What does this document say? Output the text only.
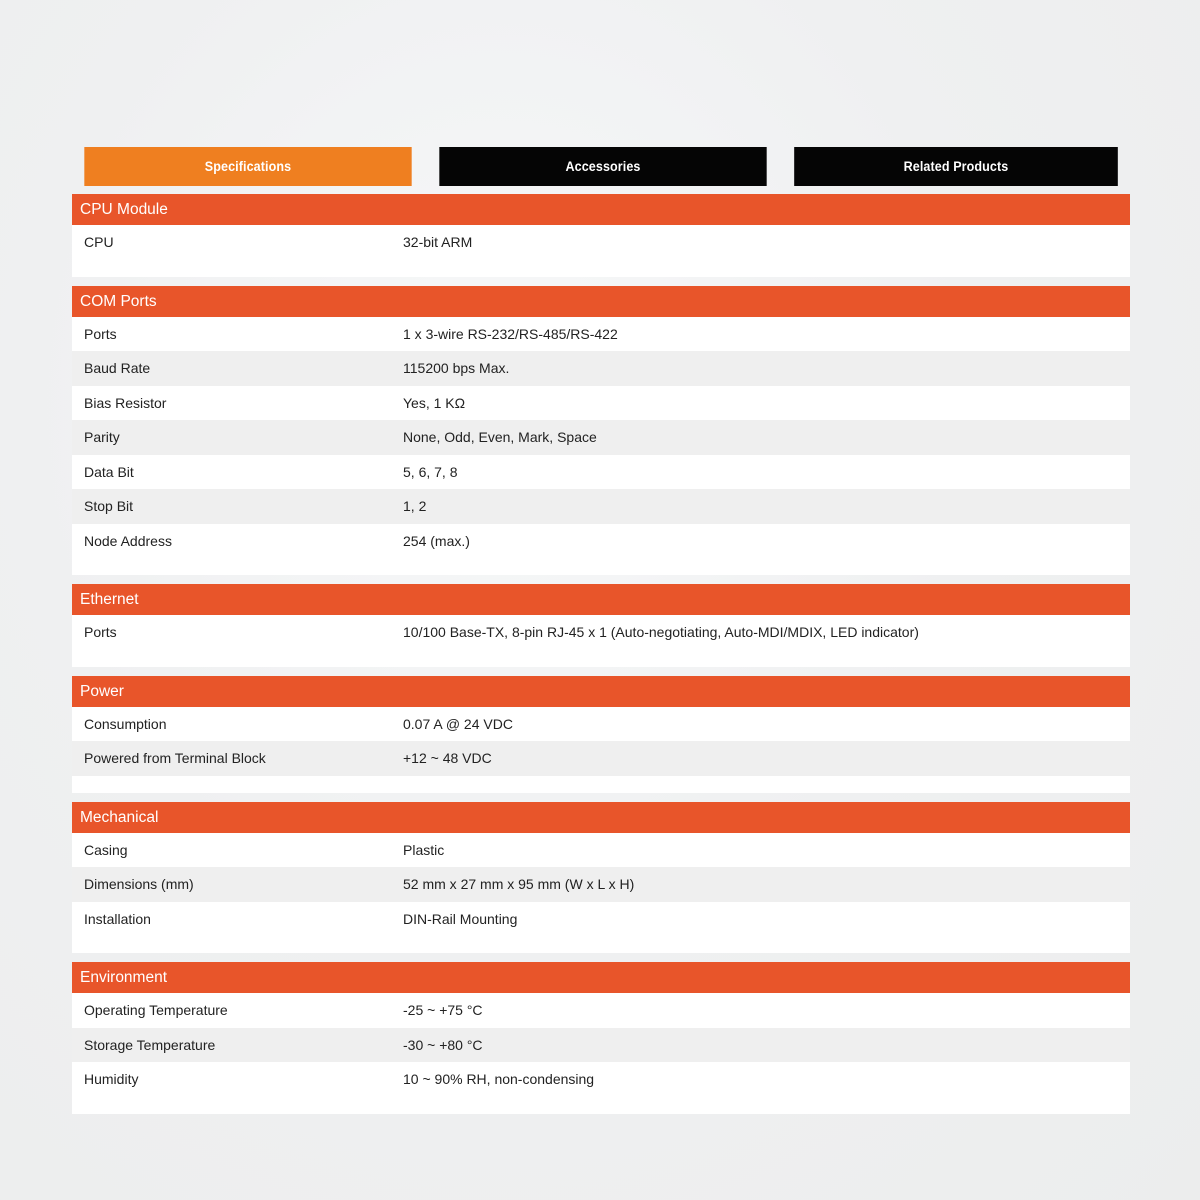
Specifications	Accessories	Related Products
CPU Module
CPU	32-bit ARM
COM Ports
Ports	1 x 3-wire RS-232/RS-485/RS-422
Baud Rate	115200 bps Max.
Bias Resistor	Yes, 1 KΩ
Parity	None, Odd, Even, Mark, Space
Data Bit	5, 6, 7, 8
Stop Bit	1, 2
Node Address	254 (max.)
Ethernet
Ports	10/100 Base-TX, 8-pin RJ-45 x 1 (Auto-negotiating, Auto-MDI/MDIX, LED indicator)
Power
Consumption	0.07 A @ 24 VDC
Powered from Terminal Block	+12 ~ 48 VDC
Mechanical
Casing	Plastic
Dimensions (mm)	52 mm x 27 mm x 95 mm (W x L x H)
Installation	DIN-Rail Mounting
Environment
Operating Temperature	-25 ~ +75 °C
Storage Temperature	-30 ~ +80 °C
Humidity	10 ~ 90% RH, non-condensing
